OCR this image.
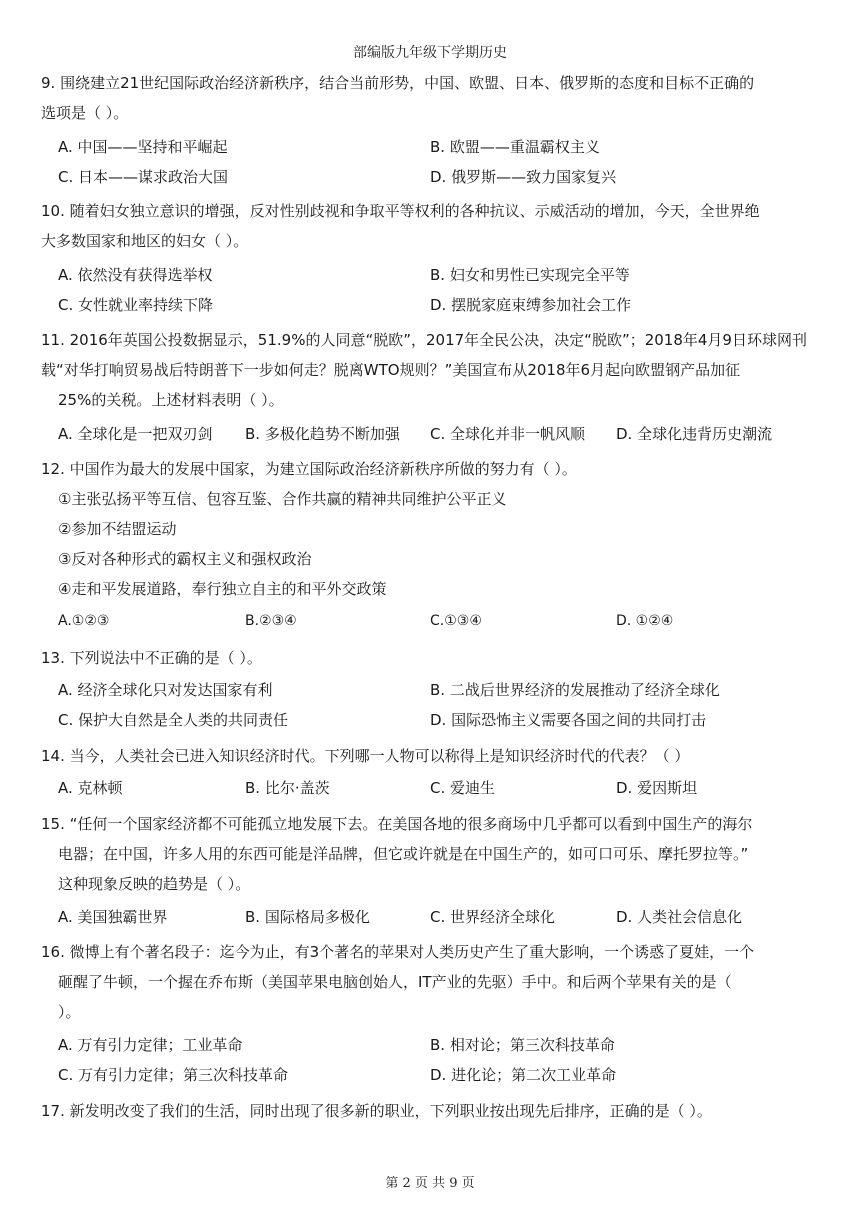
部编版九年级下学期历史
9. 围绕建立21世纪国际政治经济新秩序，结合当前形势，中国、欧盟、日本、俄罗斯的态度和目标不正确的
选项是（ ）。
A. 中国——坚持和平崛起	B. 欧盟——重温霸权主义
C. 日本——谋求政治大国	D. 俄罗斯——致力国家复兴
10. 随着妇女独立意识的增强，反对性别歧视和争取平等权利的各种抗议、示威活动的增加，今天，全世界绝
大多数国家和地区的妇女（ ）。
A. 依然没有获得选举权	B. 妇女和男性已实现完全平等
C. 女性就业率持续下降	D. 摆脱家庭束缚参加社会工作
11. 2016年英国公投数据显示，51.9%的人同意“脱欧”，2017年全民公决，决定“脱欧”；2018年4月9日环球网刊
载“对华打响贸易战后特朗普下一步如何走？脱离WTO规则？”美国宣布从2018年6月起向欧盟钢产品加征
25%的关税。上述材料表明（ ）。
A. 全球化是一把双刃剑 B. 多极化趋势不断加强 C. 全球化并非一帆风顺 D. 全球化违背历史潮流
12. 中国作为最大的发展中国家，为建立国际政治经济新秩序所做的努力有（ ）。
①主张弘扬平等互信、包容互鉴、合作共赢的精神共同维护公平正义
②参加不结盟运动
③反对各种形式的霸权主义和强权政治
④走和平发展道路，奉行独立自主的和平外交政策
A.①②③	B.②③④	C.①③④	D. ①②④
13. 下列说法中不正确的是（ ）。
A. 经济全球化只对发达国家有利	B. 二战后世界经济的发展推动了经济全球化
C. 保护大自然是全人类的共同责任	D. 国际恐怖主义需要各国之间的共同打击
14. 当今，人类社会已进入知识经济时代。下列哪一人物可以称得上是知识经济时代的代表？（ ）
A. 克林顿	B. 比尔·盖茨	C. 爱迪生	D. 爱因斯坦
15. “任何一个国家经济都不可能孤立地发展下去。在美国各地的很多商场中几乎都可以看到中国生产的海尔
电器；在中国，许多人用的东西可能是洋品牌，但它或许就是在中国生产的，如可口可乐、摩托罗拉等。”
这种现象反映的趋势是（ ）。
A. 美国独霸世界	B. 国际格局多极化	C. 世界经济全球化	D. 人类社会信息化
16. 微博上有个著名段子：迄今为止，有3个著名的苹果对人类历史产生了重大影响，一个诱惑了夏娃，一个
砸醒了牛顿，一个握在乔布斯（美国苹果电脑创始人，IT产业的先驱）手中。和后两个苹果有关的是（
）。
A. 万有引力定律；工业革命	B. 相对论；第三次科技革命
C. 万有引力定律；第三次科技革命	D. 进化论；第二次工业革命
17. 新发明改变了我们的生活，同时出现了很多新的职业，下列职业按出现先后排序，正确的是（ ）。
第 2 页 共 9 页
